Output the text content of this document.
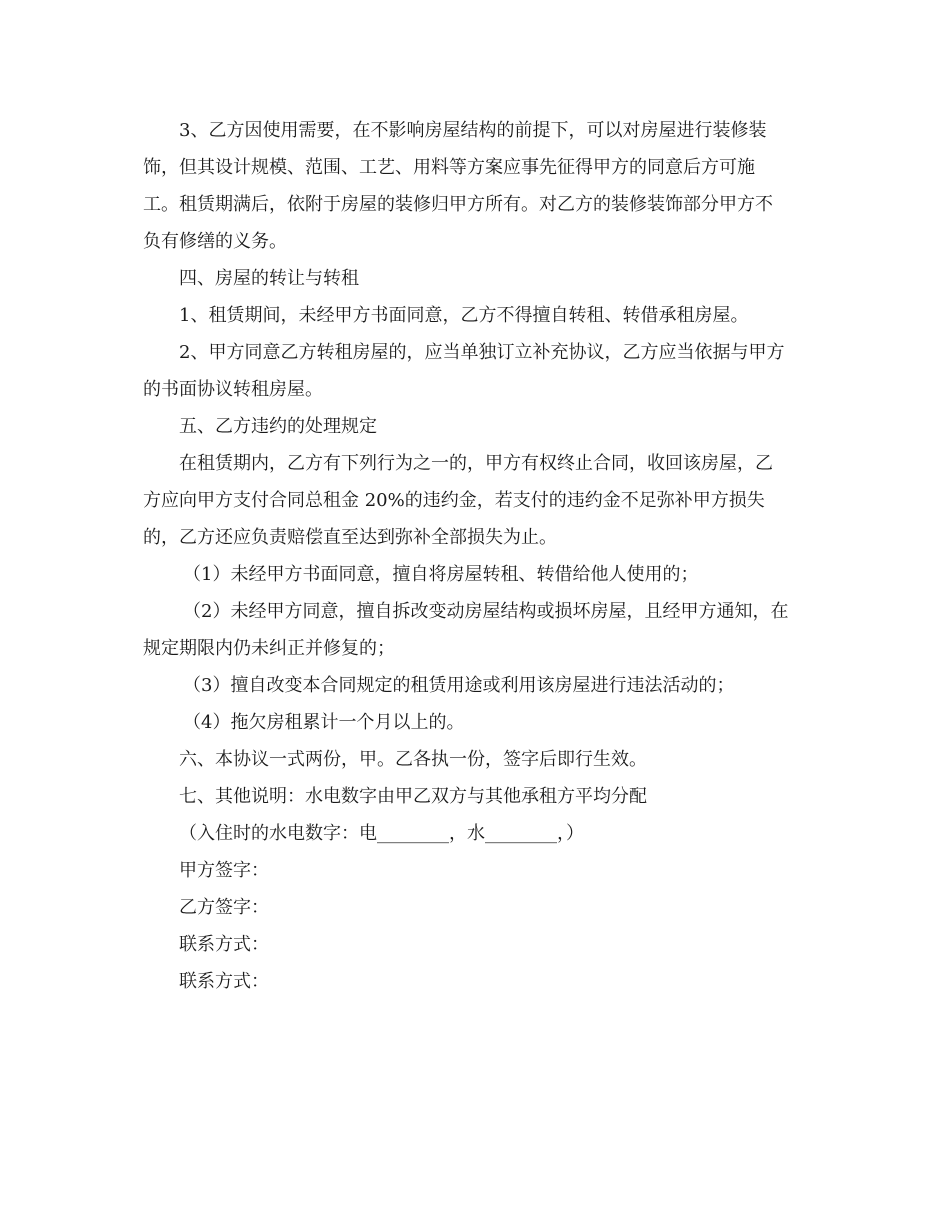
3、乙方因使用需要，在不影响房屋结构的前提下，可以对房屋进行装修装
饰，但其设计规模、范围、工艺、用料等方案应事先征得甲方的同意后方可施
工。租赁期满后，依附于房屋的装修归甲方所有。对乙方的装修装饰部分甲方不
负有修缮的义务。
四、房屋的转让与转租
1、租赁期间，未经甲方书面同意，乙方不得擅自转租、转借承租房屋。
2、甲方同意乙方转租房屋的，应当单独订立补充协议，乙方应当依据与甲方
的书面协议转租房屋。
五、乙方违约的处理规定
在租赁期内，乙方有下列行为之一的，甲方有权终止合同，收回该房屋，乙
方应向甲方支付合同总租金 20%的违约金，若支付的违约金不足弥补甲方损失
的，乙方还应负责赔偿直至达到弥补全部损失为止。
（1）未经甲方书面同意，擅自将房屋转租、转借给他人使用的；
（2）未经甲方同意，擅自拆改变动房屋结构或损坏房屋，且经甲方通知，在
规定期限内仍未纠正并修复的；
（3）擅自改变本合同规定的租赁用途或利用该房屋进行违法活动的；
（4）拖欠房租累计一个月以上的。
六、本协议一式两份，甲。乙各执一份，签字后即行生效。
七、其他说明：水电数字由甲乙双方与其他承租方平均分配
（入住时的水电数字：电________，水________，）
甲方签字：
乙方签字：
联系方式：
联系方式：
